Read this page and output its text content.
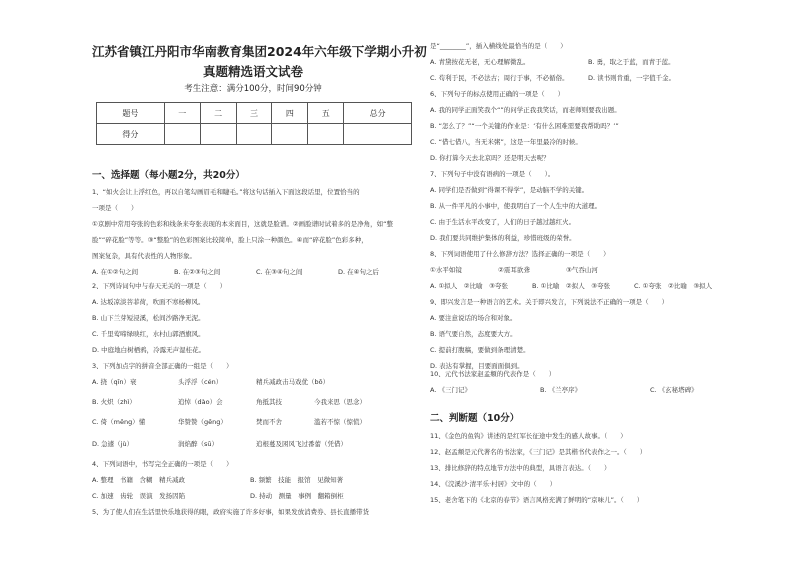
江苏省镇江丹阳市华南教育集团2024年六年级下学期小升初
真题精选语文试卷
考生注意：满分100分，时间90分钟
题号	一	二	三	四	五	总分
得分						
一、选择题（每小题2分，共20分）
1、“如火会让上浮红色，再以自笔勾画眉毛和睫毛。”将这句话插入下面这段话里，位置恰当的
一项是（　　）
①京剧中常用夸张的色彩和线条来夸张表现的本来面目，这就是脸谱。②画脸谱时试着多的是净角，如“整
脸”“碎花脸”等等。③“整脸”的色彩图案比较简单，脸上只涂一种颜色。④而“碎花脸”色彩多种，
图案复杂，具有代表性的人物形象。
A. 在①②句之间	B. 在②③句之间	C. 在③④句之间	D. 在④句之后
2、下列诗词句中与春天无关的一项是（　　）
A. 达坂凉淡菩菲荷，吹面不寒杨柳风。
B. 山下兰芽短浸溪，松间沙路净无泥。
C. 千里莺啼绿映红，水村山郭酒旗风。
D. 中庭地白树栖鸦，冷露无声湿桂花。
3、下列加点字的拼音全部正确的一组是（　　）
A. 挠（qīn）衰	头浮浮（cén）	精兵减政击马戏优（bō）
B. 火炽（zhì）	追悼（dào）会	角抵其技	今我来思（思念）
C. 倚（měng）懂	华赞赞（gēng）	焚而不舍	滥若不惊（惊慌）
D. 急遽（jù）	润焰醉（sū）	追根蔓及困风飞过番蕾（凭借）
4、下列词语中，书写完全正确的一项是（　　）
A. 整理　书籍　含糊　精兵减政	B. 频繁　技能　报馆　见微知著
C. 加速　齿轮　误演　发扬因陷	D. 持动　测量　事例　翻箱倒柜
5、为了使人们在生活里快乐地获得的眼，政府实施了许多好事，如果发放消费券、县长直播带货
是“________”，插入横线处最恰当的是（　　）
A. 青黛按花无老，无心理解微乱。	B. 勇，取之于蓝，而青于蓝。
C. 苟利于民，不必法古；周行于事，不必循俗。	D. 读书则肯重，一字值千金。
6、下列句子的标点使用正确的一项是（　　）
A. 我的同学正面笑我个“”的问学正我我笑话，而老师则要我出题。
B. “怎么了？”“一个关键的作业是：‘有什么困难需要我帮助吗？’”
C. “借七借八，当无米粥”，这是一年里最冷的时候。
D. 你打算今天去北京吗？还是明天去呢？
7、下列句子中没有语病的一项是（　　）。
A. 同学们是否做到“得课不得学”，是动脑不学的关键。
B. 从一件平凡的小事中，使我明白了一个人生中的大道理。
C. 由于生活水平改变了，人们的日子越过越红火。
D. 我们要共同维护集体的利益，珍惜班级的荣誉。
8、下列词语使用了什么修辞方法？选择正确的一项是（　　）
①水平如镜	②震耳欲聋	③气吞山河
A. ①拟人　②比喻　③夸张	B. ①比喻　②拟人　③夸张	C. ①夸张　②比喻　③拟人
9、即兴发言是一种语言的艺术。关于即兴发言，下列说法不正确的一项是（　　）
A. 要注意说话的场合和对象。
B. 语气要自然，态度要大方。
C. 提前打腹稿，要做到条理清楚。
D. 表达有掌握，目要面面俱到。
10、元代书法家赵孟頫的代表作是（　　）
A. 《三门记》	B. 《兰亭序》	C. 《玄秘塔碑》
二、判断题（10分）
11、《金色的鱼钩》讲述的是红军长征途中发生的感人故事。（　　）
12、赵孟頫是元代著名的书法家，《三门记》是其楷书代表作之一。（　　）
13、排比修辞的特点地节方法中的典型，具语言表达。（　　）
14、《浣溪沙·清平乐·村居》文中的（　　）
15、老舍笔下的《北京的春节》语言风格充满了鲜明的“京味儿”。（　　）
